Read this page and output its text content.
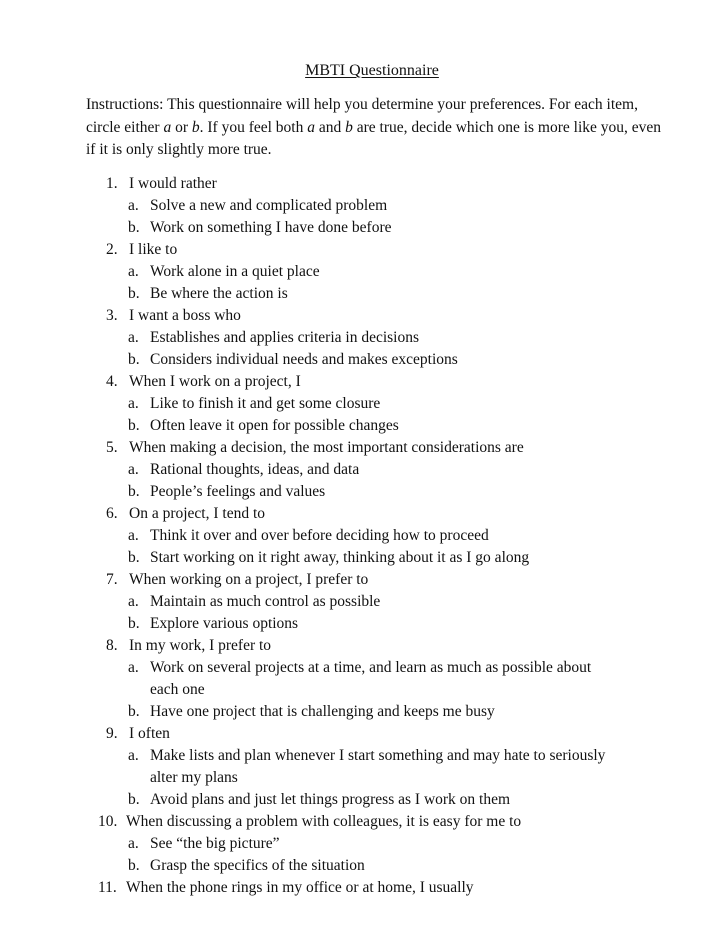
MBTI Questionnaire

Instructions: This questionnaire will help you determine your preferences. For each item, circle either a or b. If you feel both a and b are true, decide which one is more like you, even if it is only slightly more true.

1. I would rather
a. Solve a new and complicated problem
b. Work on something I have done before
2. I like to
a. Work alone in a quiet place
b. Be where the action is
3. I want a boss who
a. Establishes and applies criteria in decisions
b. Considers individual needs and makes exceptions
4. When I work on a project, I
a. Like to finish it and get some closure
b. Often leave it open for possible changes
5. When making a decision, the most important considerations are
a. Rational thoughts, ideas, and data
b. People’s feelings and values
6. On a project, I tend to
a. Think it over and over before deciding how to proceed
b. Start working on it right away, thinking about it as I go along
7. When working on a project, I prefer to
a. Maintain as much control as possible
b. Explore various options
8. In my work, I prefer to
a. Work on several projects at a time, and learn as much as possible about
each one
b. Have one project that is challenging and keeps me busy
9. I often
a. Make lists and plan whenever I start something and may hate to seriously
alter my plans
b. Avoid plans and just let things progress as I work on them
10. When discussing a problem with colleagues, it is easy for me to
a. See “the big picture”
b. Grasp the specifics of the situation
11. When the phone rings in my office or at home, I usually
